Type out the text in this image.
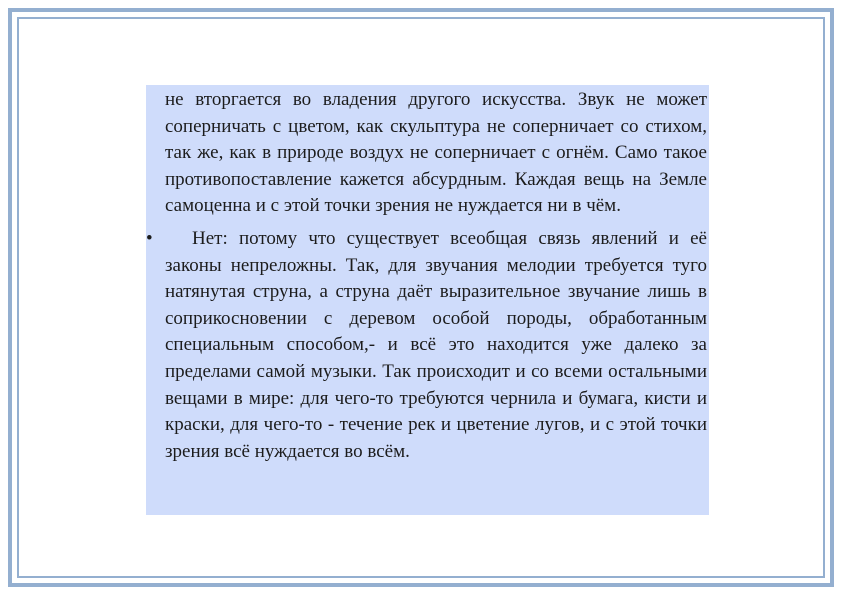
не вторгается во владения другого искусства. Звук не может соперничать с цветом, как скульптура не соперничает со стихом, так же, как в природе воздух не соперничает с огнём. Само такое противопоставление кажется абсурдным. Каждая вещь на Земле самоценна и с этой точки зрения не нуждается ни в чём.

• Нет: потому что существует всеобщая связь явлений и её законы непреложны. Так, для звучания мелодии требуется туго натянутая струна, а струна даёт выразительное звучание лишь в соприкосновении с деревом особой породы, обработанным специальным способом,- и всё это находится уже далеко за пределами самой музыки. Так происходит и со всеми остальными вещами в мире: для чего-то требуются чернила и бумага, кисти и краски, для чего-то - течение рек и цветение лугов, и с этой точки зрения всё нуждается во всём.
